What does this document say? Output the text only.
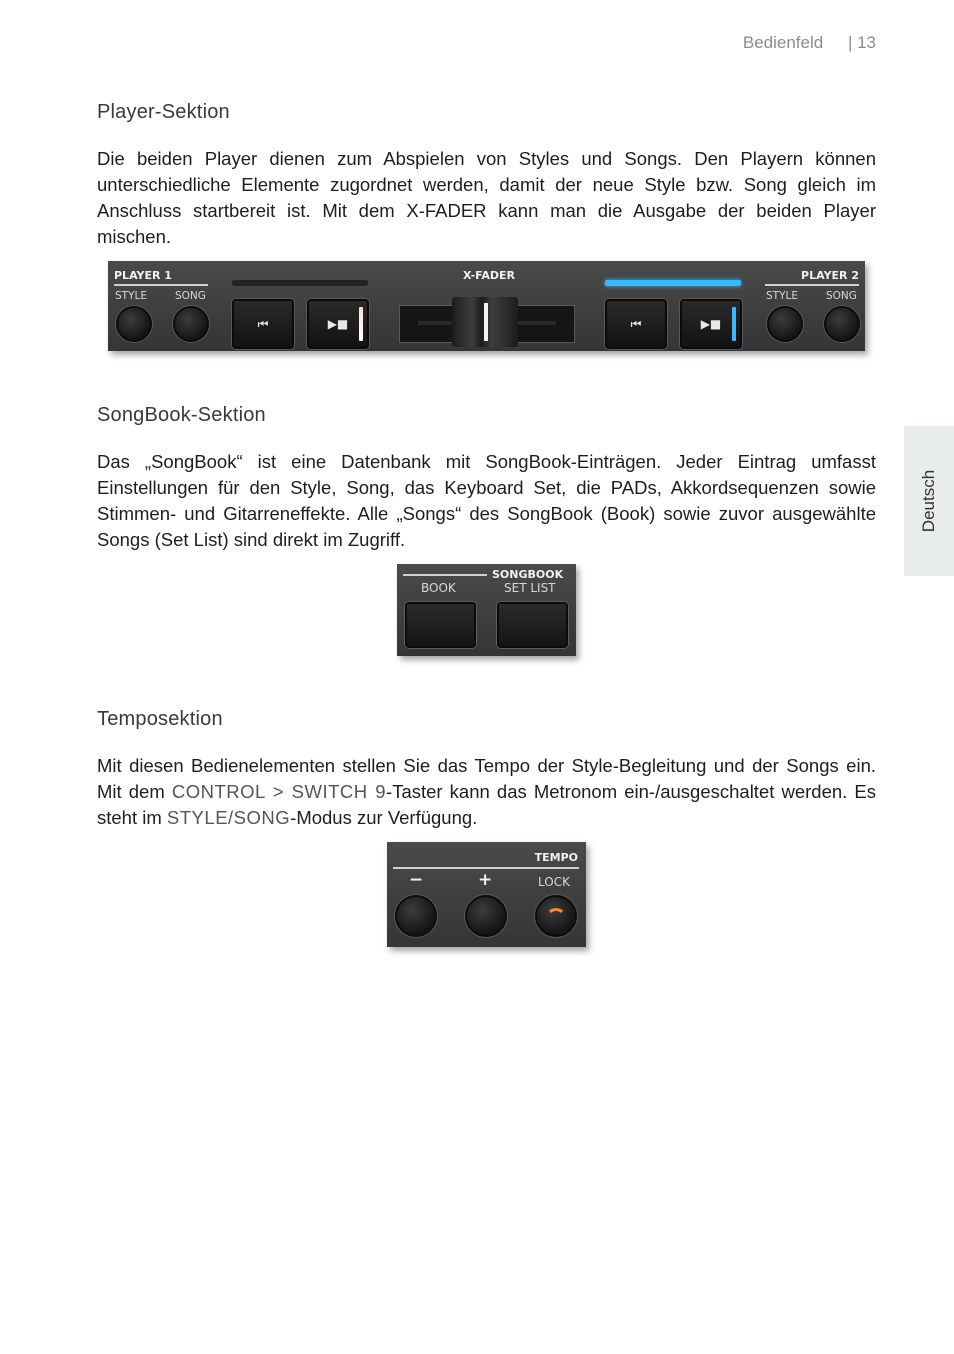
Bedienfeld | 13
Deutsch
Player-Sektion

Die beiden Player dienen zum Abspielen von Styles und Songs. Den Playern können unterschiedliche Elemente zugordnet werden, damit der neue Style bzw. Song gleich im Anschluss startbereit ist. Mit dem X-FADER kann man die Ausgabe der beiden Player mischen.

PLAYER 1
STYLE	SONG
⏮	▶■
X-FADER
⏮	▶■
PLAYER 2
STYLE	SONG
SongBook-Sektion

Das „SongBook“ ist eine Datenbank mit SongBook-Einträgen. Jeder Eintrag umfasst Einstellungen für den Style, Song, das Keyboard Set, die PADs, Akkordsequenzen sowie Stimmen- und Gitarreneffekte. Alle „Songs“ des SongBook (Book) sowie zuvor ausgewählte Songs (Set List) sind direkt im Zugriff.

SONGBOOK
BOOK	SET LIST
Temposektion

Mit diesen Bedienelementen stellen Sie das Tempo der Style-Begleitung und der Songs ein. Mit dem CONTROL > SWITCH 9-Taster kann das Metronom ein-/ausgeschaltet werden. Es steht im STYLE/SONG-Modus zur Verfügung.

TEMPO
−	+	LOCK
